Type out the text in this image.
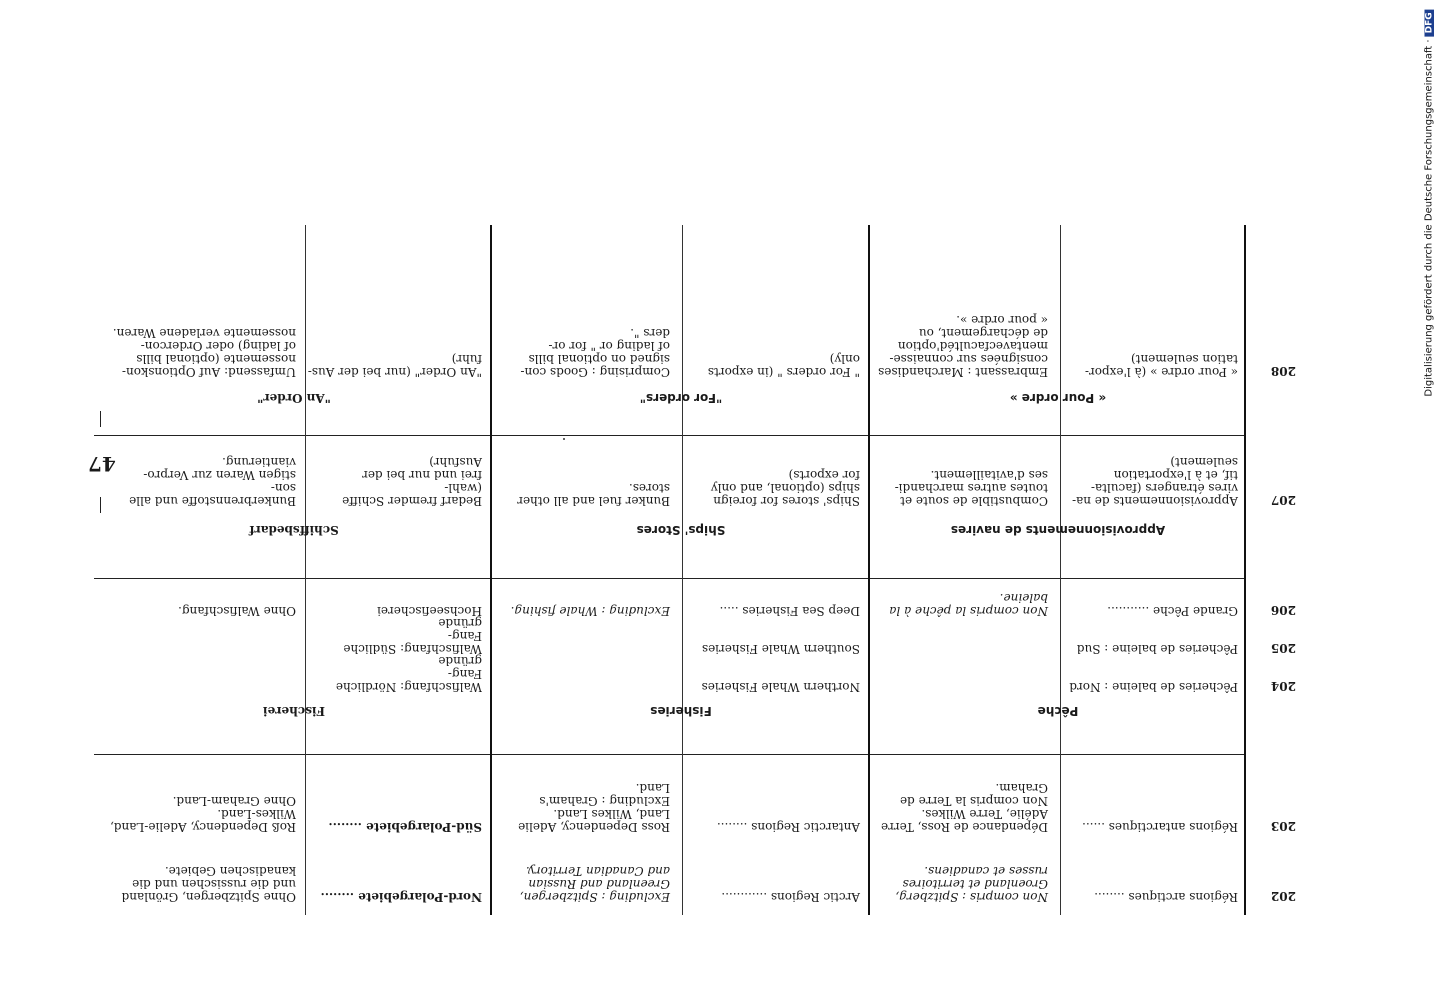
202
Régions arctiques ........
Non compris : Spitzberg,
Groenland et territoires
russes et canadiens.
Arctic Regions ............
Excluding : Spitzbergen,
Greenland and Russian
and Canadian Territory.
Nord-Polargebiete ........
Ohne Spitzbergen, Grönland
und die russischen und die
kanadischen Gebiete.
203
Régions antarctiques ......
Dépendance de Ross, Terre
Adélie, Terre Wilkes.
Non compris la Terre de
Graham.
Antarctic Regions ........
Ross Dependency, Adelie
Land, Wilkes Land.
Excluding : Graham's
Land.
Süd-Polargebiete ........
Roß Dependency, Adelie-Land,
Wilkes-Land.
Ohne Graham-Land.
Pêche
Fisheries
Fischerei
204
Pêcheries de baleine : Nord
Northern Whale Fisheries
Walfischfang: Nördliche Fang-
gründe
205
Pêcheries de baleine : Sud
Southern Whale Fisheries
Walfischfang: Südliche Fang-
gründe
206
Grande Pêche ...........
Non compris la pêche à la
baleine.
Deep Sea Fisheries .....
Excluding : Whale fishing.
Hochseefischerei
Ohne Walfischfang.
Approvisionnements de navires
Ships' Stores
Schiffsbedarf
207
Approvisionnements de na-
vires étrangers (faculta-
tif, et à l'exportation
seulement)
Combustible de soute et
toutes autres marchandi-
ses d'avitaillement.
Ships' stores for foreign
ships (optional, and only
for exports)
Bunker fuel and all other
stores.
Bedarf fremder Schiffe (wahl-
frei und nur bei der Ausfuhr)
Bunkerbrennstoffe und alle son-
stigen Waren zur Verpro-
viantierung.
« Pour ordre »
"For orders"
"An Order"
208
« Pour ordre » (à l'expor-
tation seulement)
Embrassant : Marchandises
consignées sur connaisse-
mentavecfacultéd'option
de déchargement, ou
« pour ordre ».
" For orders " (in exports
only)
Comprising : Goods con-
signed on optional bills
of lading or " for or-
ders ".
"An Order" (nur bei der Aus-
fuhr)
Umfassend: Auf Optionskon-
nossemente (optional bills
of lading) oder Ordercon-
nossemente verladene Waren.
47
Digitalisierung gefördert durch die Deutsche Forschungsgemeinschaft ·DFG
